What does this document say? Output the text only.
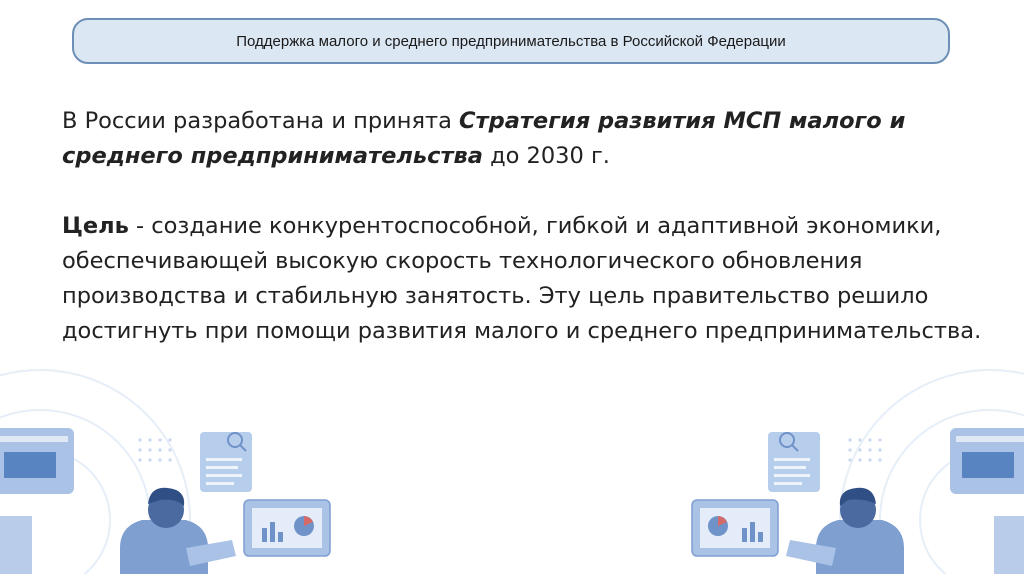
Поддержка малого и среднего предпринимательства в Российской Федерации

В России разработана и принята Стратегия развития МСП малого и среднего предпринимательства до 2030 г.

Цель - создание конкурентоспособной, гибкой и адаптивной экономики, обеспечивающей высокую скорость технологического обновления производства и стабильную занятость. Эту цель правительство решило достигнуть при помощи развития малого и среднего предпринимательства.
